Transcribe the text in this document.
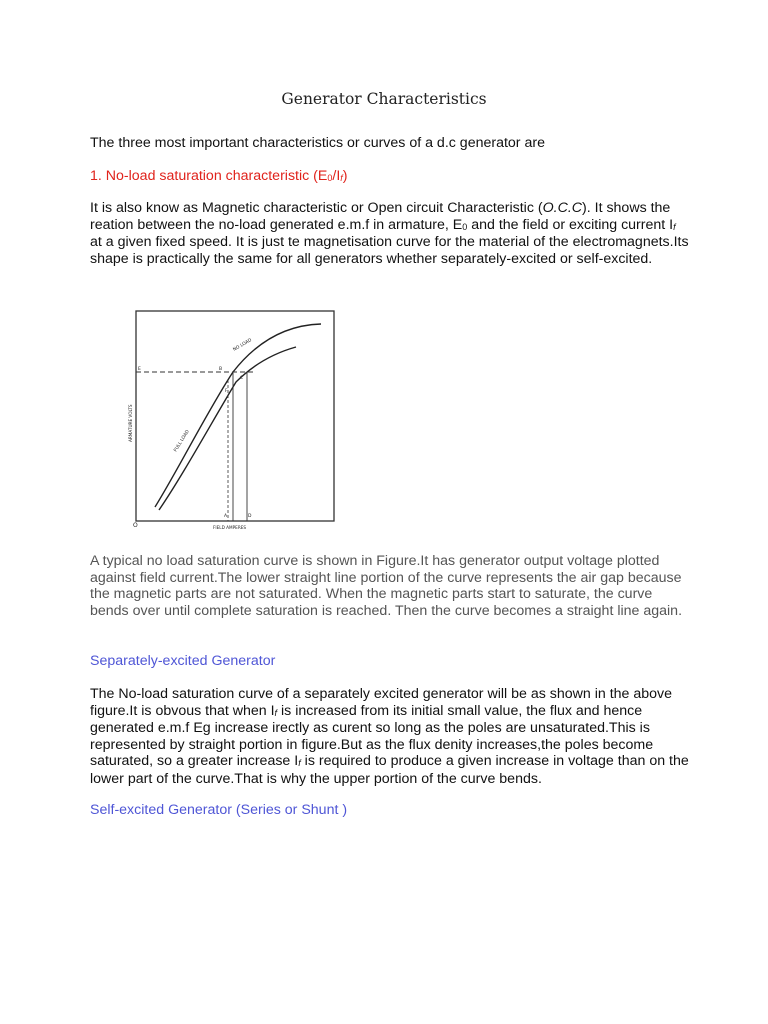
Generator Characteristics

The three most important characteristics or curves of a d.c generator are

1. No-load saturation characteristic (E0/If)

It is also know as Magnetic characteristic or Open circuit Characteristic (O.C.C). It shows the reation between the no-load generated e.m.f in armature, E0 and the field or exciting current If at a given fixed speed. It is just te magnetisation curve for the material of the electromagnets.Its shape is practically the same for all generators whether separately-excited or self-excited.

O
E	B
C
F
A	D
FIELD AMPERES
ARMATURE VOLTS
NO LOAD
FULL LOAD

A typical no load saturation curve is shown in Figure.It has generator output voltage plotted against field current.The lower straight line portion of the curve represents the air gap because the magnetic parts are not saturated. When the magnetic parts start to saturate, the curve bends over until complete saturation is reached. Then the curve becomes a straight line again.

Separately-excited Generator

The No-load saturation curve of a separately excited generator will be as shown in the above figure.It is obvous that when If is increased from its initial small value, the flux and hence generated e.m.f Eg increase irectly as curent so long as the poles are unsaturated.This is represented by straight portion in figure.But as the flux denity increases,the poles become saturated, so a greater increase If is required to produce a given increase in voltage than on the lower part of the curve.That is why the upper portion of the curve bends.

Self-excited Generator (Series or Shunt )
